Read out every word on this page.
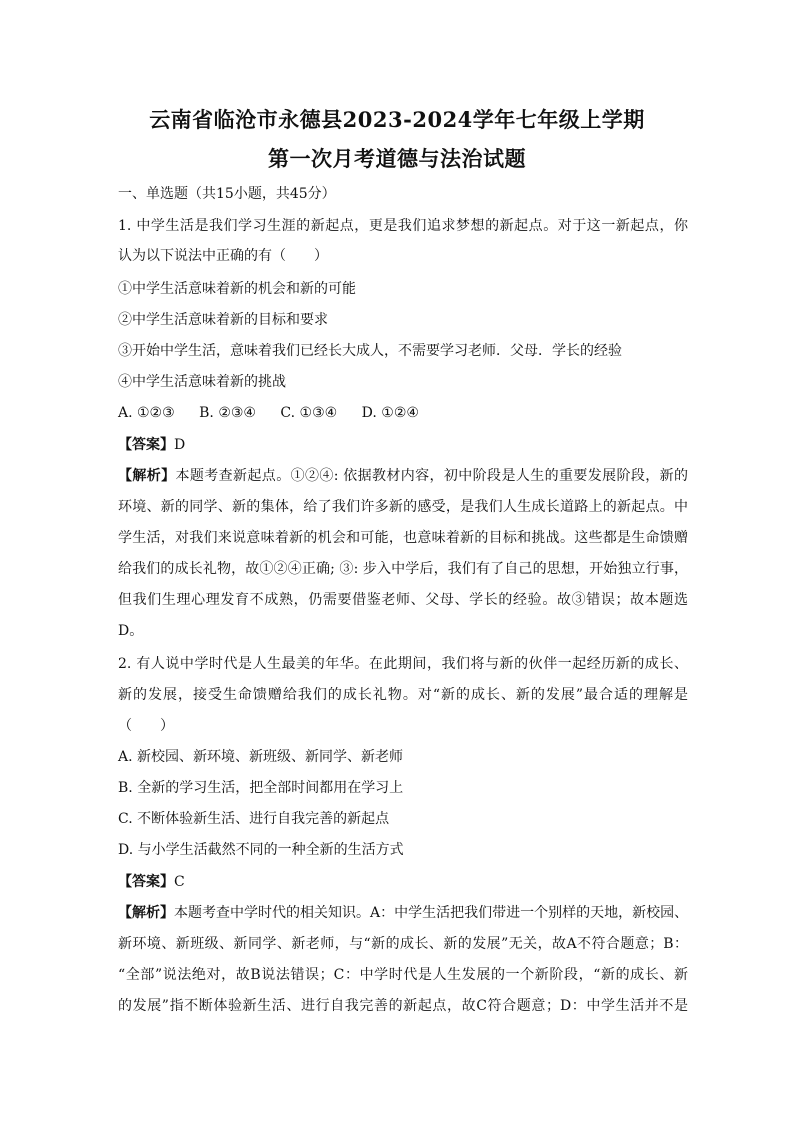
云南省临沧市永德县2023-2024学年七年级上学期
第一次月考道德与法治试题
一、单选题（共15小题，共45分）
1. 中学生活是我们学习生涯的新起点，更是我们追求梦想的新起点。对于这一新起点，你
认为以下说法中正确的有（　　）
①中学生活意味着新的机会和新的可能
②中学生活意味着新的目标和要求
③开始中学生活，意味着我们已经长大成人，不需要学习老师．父母．学长的经验
④中学生活意味着新的挑战
A. ①②③ B. ②③④ C. ①③④ D. ①②④
【答案】D
【解析】本题考查新起点。①②④: 依据教材内容，初中阶段是人生的重要发展阶段，新的
环境、新的同学、新的集体，给了我们许多新的感受，是我们人生成长道路上的新起点。中
学生活，对我们来说意味着新的机会和可能，也意味着新的目标和挑战。这些都是生命馈赠
给我们的成长礼物，故①②④正确; ③: 步入中学后，我们有了自己的思想，开始独立行事，
但我们生理心理发育不成熟，仍需要借鉴老师、父母、学长的经验。故③错误；故本题选
D。
2. 有人说中学时代是人生最美的年华。在此期间，我们将与新的伙伴一起经历新的成长、
新的发展，接受生命馈赠给我们的成长礼物。对“新的成长、新的发展”最合适的理解是
（　　）
A. 新校园、新环境、新班级、新同学、新老师
B. 全新的学习生活，把全部时间都用在学习上
C. 不断体验新生活、进行自我完善的新起点
D. 与小学生活截然不同的一种全新的生活方式
【答案】C
【解析】本题考查中学时代的相关知识。A：中学生活把我们带进一个别样的天地，新校园、
新环境、新班级、新同学、新老师，与“新的成长、新的发展”无关，故A不符合题意；B：
“全部”说法绝对，故B说法错误；C：中学时代是人生发展的一个新阶段，“新的成长、新
的发展”指不断体验新生活、进行自我完善的新起点，故C符合题意；D：中学生活并不是
